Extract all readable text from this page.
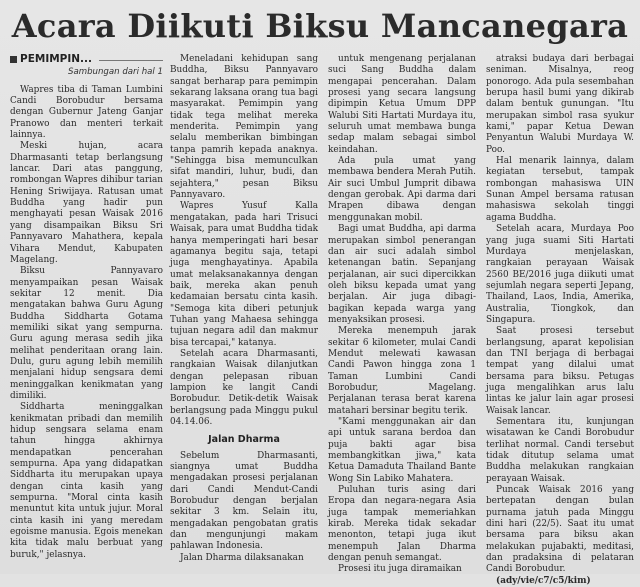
Acara Diikuti Biksu Mancanegara
PEMIMPIN...
Sambungan dari hal 1

Wapres tiba di Taman Lumbini Candi Borobudur bersama dengan Gubernur Jateng Ganjar Pranowo dan menteri terkait lainnya.

Meski hujan, acara Dharmasanti tetap berlangsung lancar. Dari atas panggung, rombongan Wapres dihibur tarian Hening Sriwijaya. Ratusan umat Buddha yang hadir pun menghayati pesan Waisak 2016 yang disampaikan Biksu Sri Pannyavaro Mahathera, kepala Vihara Mendut, Kabupaten Magelang.

Biksu Pannyavaro menyampaikan pesan Waisak sekitar 12 menit. Dia mengatakan bahwa Guru Agung Buddha Siddharta Gotama memiliki sikat yang sempurna. Guru agung merasa sedih jika melihat penderitaan orang lain. Dulu, guru agung lebih memilih menjalani hidup sengsara demi meninggalkan kenikmatan yang dimiliki.

Siddharta meninggalkan kenikmatan pribadi dan memilih hidup sengsara selama enam tahun hingga akhirnya mendapatkan pencerahan sempurna. Apa yang didapatkan Siddharta itu merupakan upaya dengan cinta kasih yang sempurna. "Moral cinta kasih menuntut kita untuk jujur. Moral cinta kasih ini yang meredam egoisme manusia. Egois menekan kita tidak malu berbuat yang buruk," jelasnya.

Meneladani kehidupan sang Buddha, Biksu Pannyavaro sangat berharap para pemimpin sekarang laksana orang tua bagi masyarakat. Pemimpin yang tidak tega melihat mereka menderita. Pemimpin yang selalu memberikan bimbingan tanpa pamrih kepada anaknya. "Sehingga bisa memunculkan sifat mandiri, luhur, budi, dan sejahtera," pesan Biksu Pannyavaro.

Wapres Yusuf Kalla mengatakan, pada hari Trisuci Waisak, para umat Buddha tidak hanya memperingati hari besar agamanya begitu saja, tetapi juga menghayatinya. Apabila umat melaksanakannya dengan baik, mereka akan penuh kedamaian bersatu cinta kasih. "Semoga kita diberi petunjuk Tuhan yang Mahaesa sehingga tujuan negara adil dan makmur bisa tercapai," katanya.

Setelah acara Dharmasanti, rangkaian Waisak dilanjutkan dengan pelepasan ribuan lampion ke langit Candi Borobudur. Detik-detik Waisak berlangsung pada Minggu pukul 04.14.06.

Jalan Dharma

Sebelum Dharmasanti, siangnya umat Buddha mengadakan prosesi perjalanan dari Candi Mendut-Candi Borobudur dengan berjalan sekitar 3 km. Selain itu, mengadakan pengobatan gratis dan mengunjungi makam pahlawan Indonesia.

Jalan Dharma dilaksanakan

untuk mengenang perjalanan suci Sang Buddha dalam mengapai pencerahan. Dalam prosesi yang secara langsung dipimpin Ketua Umum DPP Walubi Siti Hartati Murdaya itu, seluruh umat membawa bunga sedap malam sebagai simbol keindahan.

Ada pula umat yang membawa bendera Merah Putih. Air suci Umbul Jumprit dibawa dengan gerobak. Api darma dari Mrapen dibawa dengan menggunakan mobil.

Bagi umat Buddha, api darma merupakan simbol penerangan dan air suci adalah simbol ketenangan batin. Sepanjang perjalanan, air suci dipercikkan oleh biksu kepada umat yang berjalan. Air juga dibagi-bagikan kepada warga yang menyaksikan prosesi.

Mereka menempuh jarak sekitar 6 kilometer, mulai Candi Mendut melewati kawasan Candi Pawon hingga zona 1 Taman Lumbini Candi Borobudur, Magelang. Perjalanan terasa berat karena matahari bersinar begitu terik.

"Kami menggunakan air dan api untuk sarana berdoa dan puja bakti agar bisa membangkitkan jiwa," kata Ketua Damaduta Thailand Bante Wong Sin Labiko Mahatera.

Puluhan turis asing dari Eropa dan negara-negara Asia juga tampak memeriahkan kirab. Mereka tidak sekadar menonton, tetapi juga ikut menempuh Jalan Dharma dengan penuh semangat.

Prosesi itu juga diramaikan

atraksi budaya dari berbagai seniman. Misalnya, reog ponorogo. Ada pula sesembahan berupa hasil bumi yang dikirab dalam bentuk gunungan. "Itu merupakan simbol rasa syukur kami," papar Ketua Dewan Penyantun Walubi Murdaya W. Poo.

Hal menarik lainnya, dalam kegiatan tersebut, tampak rombongan mahasiswa UIN Sunan Ampel bersama ratusan mahasiswa sekolah tinggi agama Buddha.

Setelah acara, Murdaya Poo yang juga suami Siti Hartati Murdaya menjelaskan, rangkaian perayaan Waisak 2560 BE/2016 juga diikuti umat sejumlah negara seperti Jepang, Thailand, Laos, India, Amerika, Australia, Tiongkok, dan Singapura.

Saat prosesi tersebut berlangsung, aparat kepolisian dan TNI berjaga di berbagai tempat yang dilalui umat bersama para biksu. Petugas juga mengalihkan arus lalu lintas ke jalur lain agar prosesi Waisak lancar.

Sementara itu, kunjungan wisatawan ke Candi Borobudur terlihat normal. Candi tersebut tidak ditutup selama umat Buddha melakukan rangkaian perayaan Waisak.

Puncak Waisak 2016 yang bertepatan dengan bulan purnama jatuh pada Minggu dini hari (22/5). Saat itu umat bersama para biksu akan melakukan pujabakti, meditasi, dan pradaksina di pelataran Candi Borobudur.

(ady/vie/c7/c5/kim)
